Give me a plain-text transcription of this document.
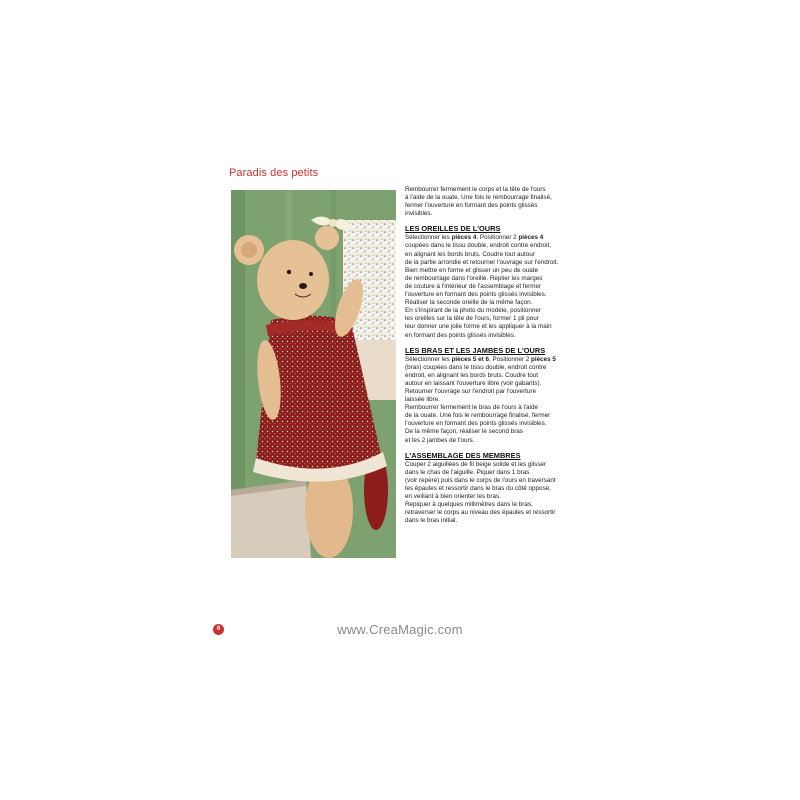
Paradis des petits

Rembourrer fermement le corps et la tête de l'ours

à l'aide de la ouate. Une fois le rembourrage finalisé,

fermer l'ouverture en formant des points glissés

invisibles.

LES OREILLES DE L'OURS

Sélectionner les pièces 4. Positionner 2 pièces 4

coupées dans le tissu double, endroit contre endroit,

en alignant les bords bruts. Coudre tout autour

de la partie arrondie et retourner l'ouvrage sur l'endroit.

Bien mettre en forme et glisser un peu de ouate

de rembourrage dans l'oreille. Replier les marges

de couture à l'intérieur de l'assemblage et fermer

l'ouverture en formant des points glissés invisibles.

Réaliser la seconde oreille de la même façon.

En s'inspirant de la photo du modèle, positionner

les oreilles sur la tête de l'ours, former 1 pli pour

leur donner une jolie forme et les appliquer à la main

en formant des points glissés invisibles.

LES BRAS ET LES JAMBES DE L'OURS

Sélectionner les pièces 5 et 6. Positionner 2 pièces 5

(bras) coupées dans le tissu double, endroit contre

endroit, en alignant les bords bruts. Coudre tout

autour en laissant l'ouverture libre (voir gabarits).

Retourner l'ouvrage sur l'endroit par l'ouverture

laissée libre.

Rembourrer fermement le bras de l'ours à l'aide

de la ouate. Une fois le rembourrage finalisé, fermer

l'ouverture en formant des points glissés invisibles.

De la même façon, réaliser le second bras

et les 2 jambes de l'ours.

L'ASSEMBLAGE DES MEMBRES

Couper 2 aiguillées de fil beige solide et les glisser

dans le chas de l'aiguille. Piquer dans 1 bras

(voir repère) puis dans le corps de l'ours en traversant

les épaules et ressortir dans le bras du côté opposé,

en veillant à bien orienter les bras.

Repiquer à quelques millimètres dans le bras,

retraverser le corps au niveau des épaules et ressortir

dans le bras initial.

6	www.CreaMagic.com
